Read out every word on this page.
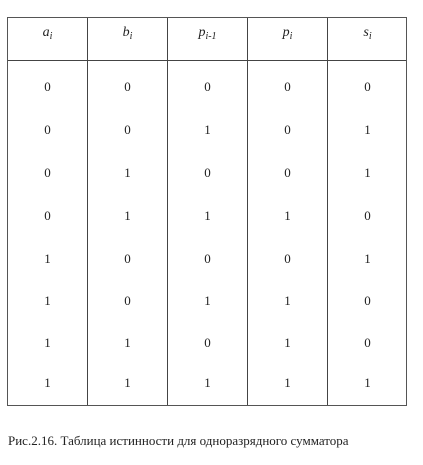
$a_i$	$b_i$	$p_{i-1}$	$p_i$	$s_i$
0	0	0	0	0
0	0	1	0	1
0	1	0	0	1
0	1	1	1	0
1	0	0	0	1
1	0	1	1	0
1	1	0	1	0
1	1	1	1	1
Рис.2.16. Таблица истинности для одноразрядного сумматора
